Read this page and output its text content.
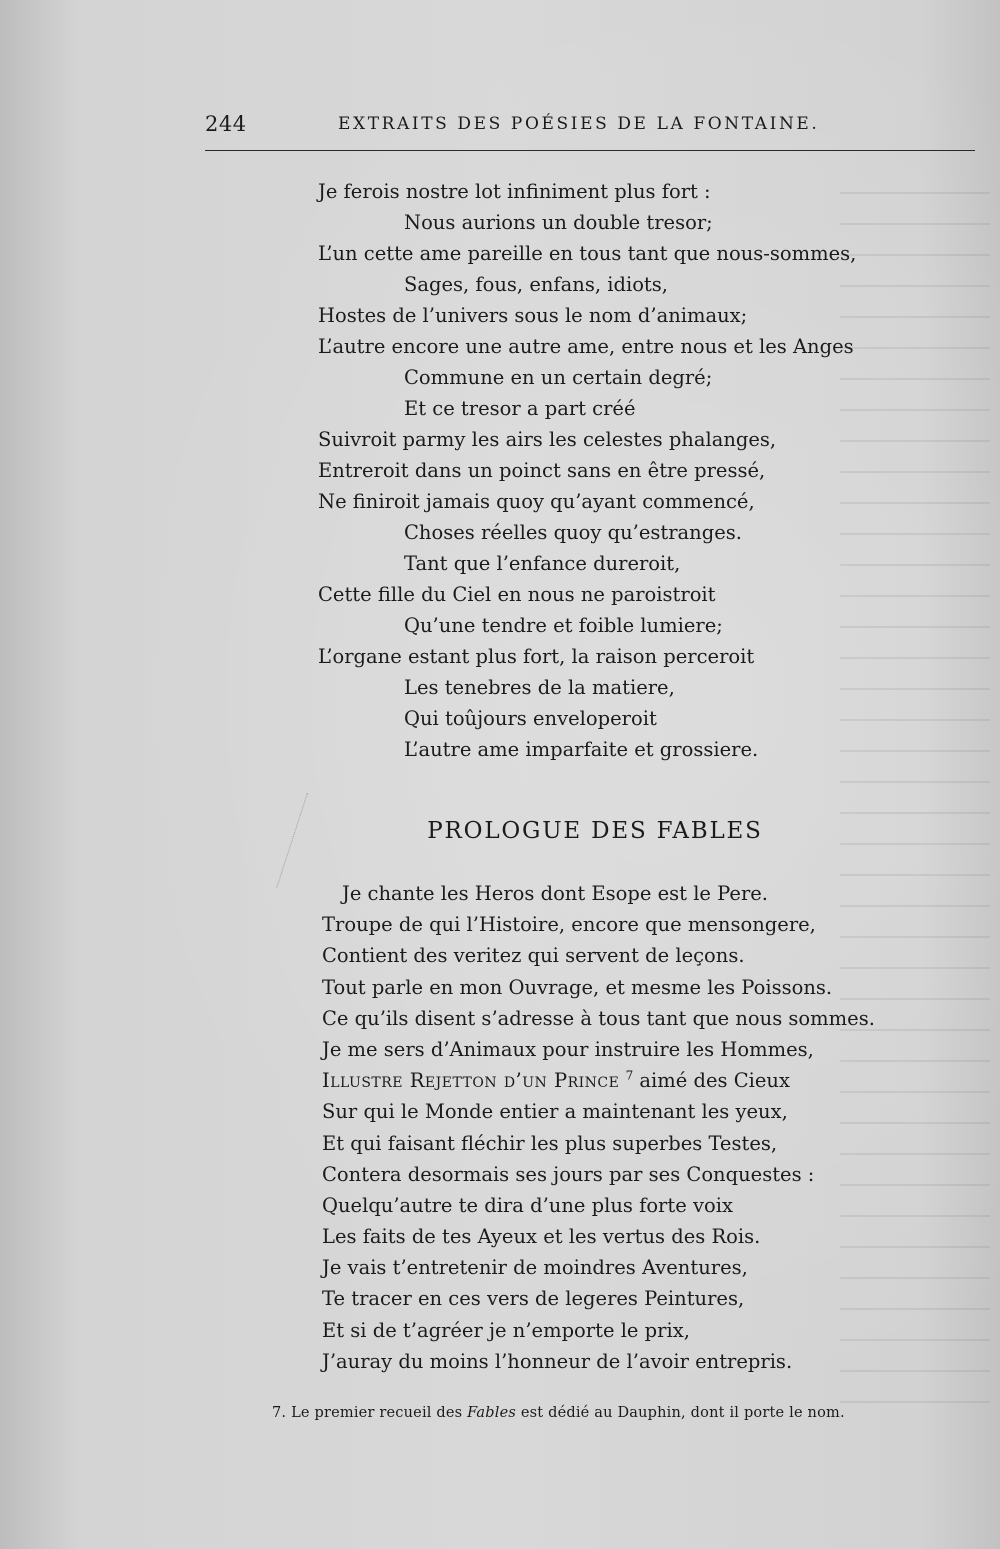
244	EXTRAITS DES POÉSIES DE LA FONTAINE.
Je ferois nostre lot infiniment plus fort :
Nous aurions un double tresor;
L’un cette ame pareille en tous tant que nous-sommes,
Sages, fous, enfans, idiots,
Hostes de l’univers sous le nom d’animaux;
L’autre encore une autre ame, entre nous et les Anges
Commune en un certain degré;
Et ce tresor a part créé
Suivroit parmy les airs les celestes phalanges,
Entreroit dans un poinct sans en être pressé,
Ne finiroit jamais quoy qu’ayant commencé,
Choses réelles quoy qu’estranges.
Tant que l’enfance dureroit,
Cette fille du Ciel en nous ne paroistroit
Qu’une tendre et foible lumiere;
L’organe estant plus fort, la raison perceroit
Les tenebres de la matiere,
Qui toûjours enveloperoit
L’autre ame imparfaite et grossiere.
PROLOGUE DES FABLES
Je chante les Heros dont Esope est le Pere.
Troupe de qui l’Histoire, encore que mensongere,
Contient des veritez qui servent de leçons.
Tout parle en mon Ouvrage, et mesme les Poissons.
Ce qu’ils disent s’adresse à tous tant que nous sommes.
Je me sers d’Animaux pour instruire les Hommes,
Illustre Rejetton d’un Prince $^7$ aimé des Cieux
Sur qui le Monde entier a maintenant les yeux,
Et qui faisant fléchir les plus superbes Testes,
Contera desormais ses jours par ses Conquestes :
Quelqu’autre te dira d’une plus forte voix
Les faits de tes Ayeux et les vertus des Rois.
Je vais t’entretenir de moindres Aventures,
Te tracer en ces vers de legeres Peintures,
Et si de t’agréer je n’emporte le prix,
J’auray du moins l’honneur de l’avoir entrepris.
7. Le premier recueil des Fables est dédié au Dauphin, dont il porte le nom.
